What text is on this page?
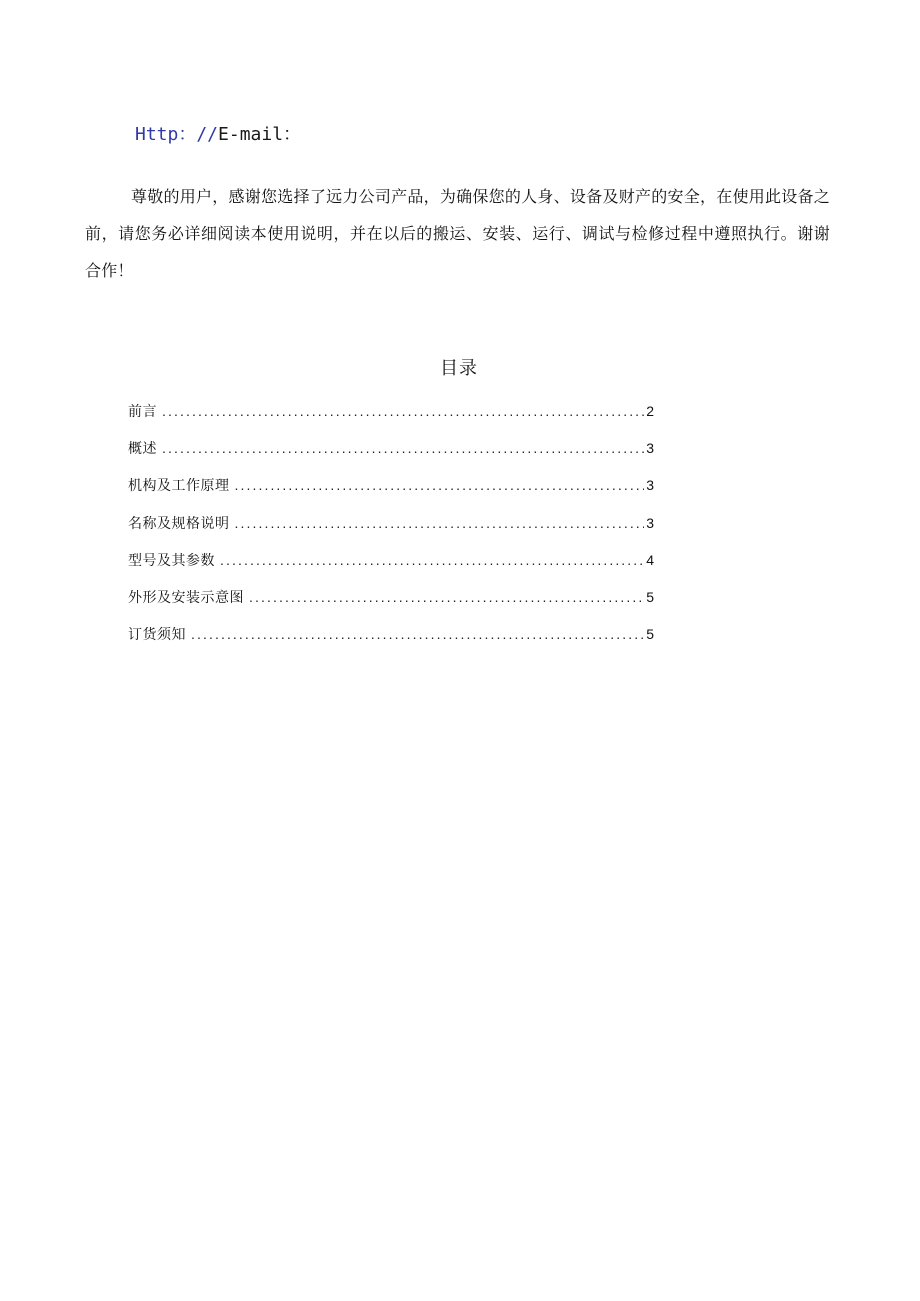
Http：//E-mail：

尊敬的用户，感谢您选择了远力公司产品，为确保您的人身、设备及财产的安全，在使用此设备之前，请您务必详细阅读本使用说明，并在以后的搬运、安装、运行、调试与检修过程中遵照执行。谢谢合作！

目录
前言 .....	2
概述 .....	3
机构及工作原理 .....	3
名称及规格说明 .....	3
型号及其参数 .....	4
外形及安装示意图 .....	5
订货须知 .....	5
